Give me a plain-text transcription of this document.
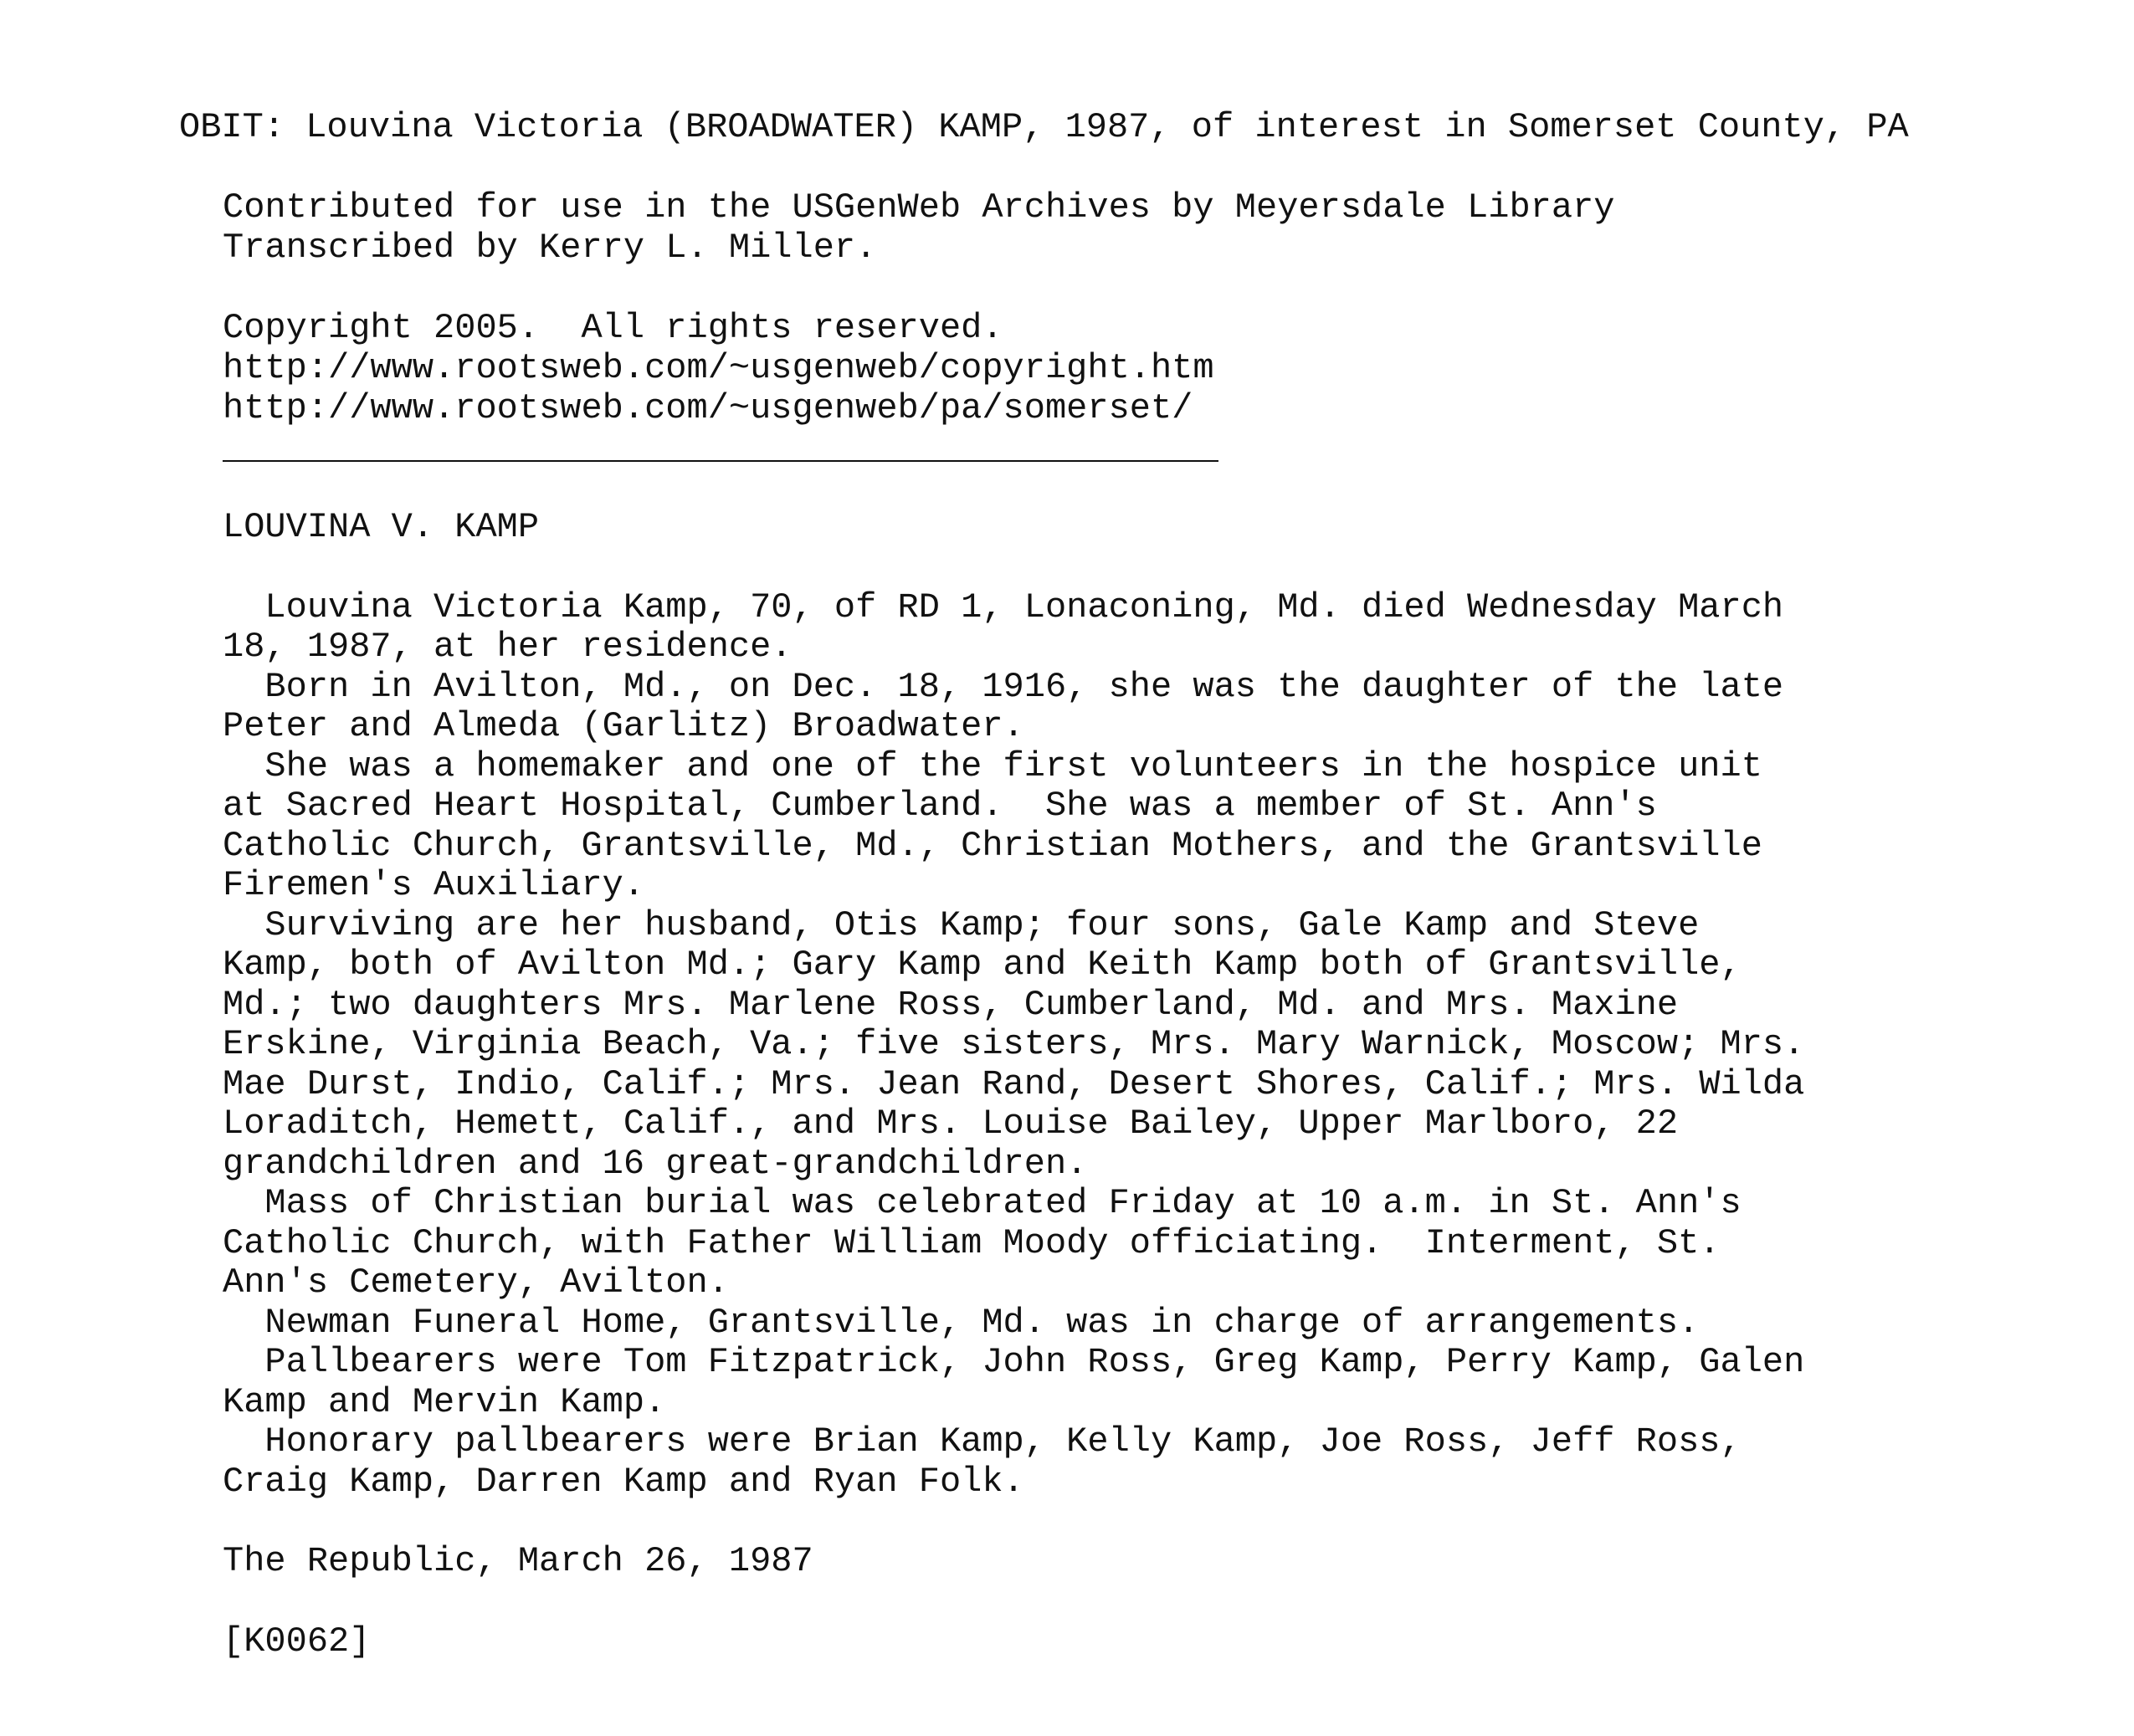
OBIT: Louvina Victoria (BROADWATER) KAMP, 1987, of interest in Somerset County, PA

Contributed for use in the USGenWeb Archives by Meyersdale Library

Transcribed by Kerry L. Miller.

Copyright 2005.  All rights reserved.

http://www.rootsweb.com/~usgenweb/copyright.htm

http://www.rootsweb.com/~usgenweb/pa/somerset/

LOUVINA V. KAMP

Louvina Victoria Kamp, 70, of RD 1, Lonaconing, Md. died Wednesday March

18, 1987, at her residence.

Born in Avilton, Md., on Dec. 18, 1916, she was the daughter of the late

Peter and Almeda (Garlitz) Broadwater.

She was a homemaker and one of the first volunteers in the hospice unit

at Sacred Heart Hospital, Cumberland.  She was a member of St. Ann's

Catholic Church, Grantsville, Md., Christian Mothers, and the Grantsville

Firemen's Auxiliary.

Surviving are her husband, Otis Kamp; four sons, Gale Kamp and Steve

Kamp, both of Avilton Md.; Gary Kamp and Keith Kamp both of Grantsville,

Md.; two daughters Mrs. Marlene Ross, Cumberland, Md. and Mrs. Maxine

Erskine, Virginia Beach, Va.; five sisters, Mrs. Mary Warnick, Moscow; Mrs.

Mae Durst, Indio, Calif.; Mrs. Jean Rand, Desert Shores, Calif.; Mrs. Wilda

Loraditch, Hemett, Calif., and Mrs. Louise Bailey, Upper Marlboro, 22

grandchildren and 16 great-grandchildren.

Mass of Christian burial was celebrated Friday at 10 a.m. in St. Ann's

Catholic Church, with Father William Moody officiating.  Interment, St.

Ann's Cemetery, Avilton.

Newman Funeral Home, Grantsville, Md. was in charge of arrangements.

Pallbearers were Tom Fitzpatrick, John Ross, Greg Kamp, Perry Kamp, Galen

Kamp and Mervin Kamp.

Honorary pallbearers were Brian Kamp, Kelly Kamp, Joe Ross, Jeff Ross,

Craig Kamp, Darren Kamp and Ryan Folk.

The Republic, March 26, 1987

[K0062]
